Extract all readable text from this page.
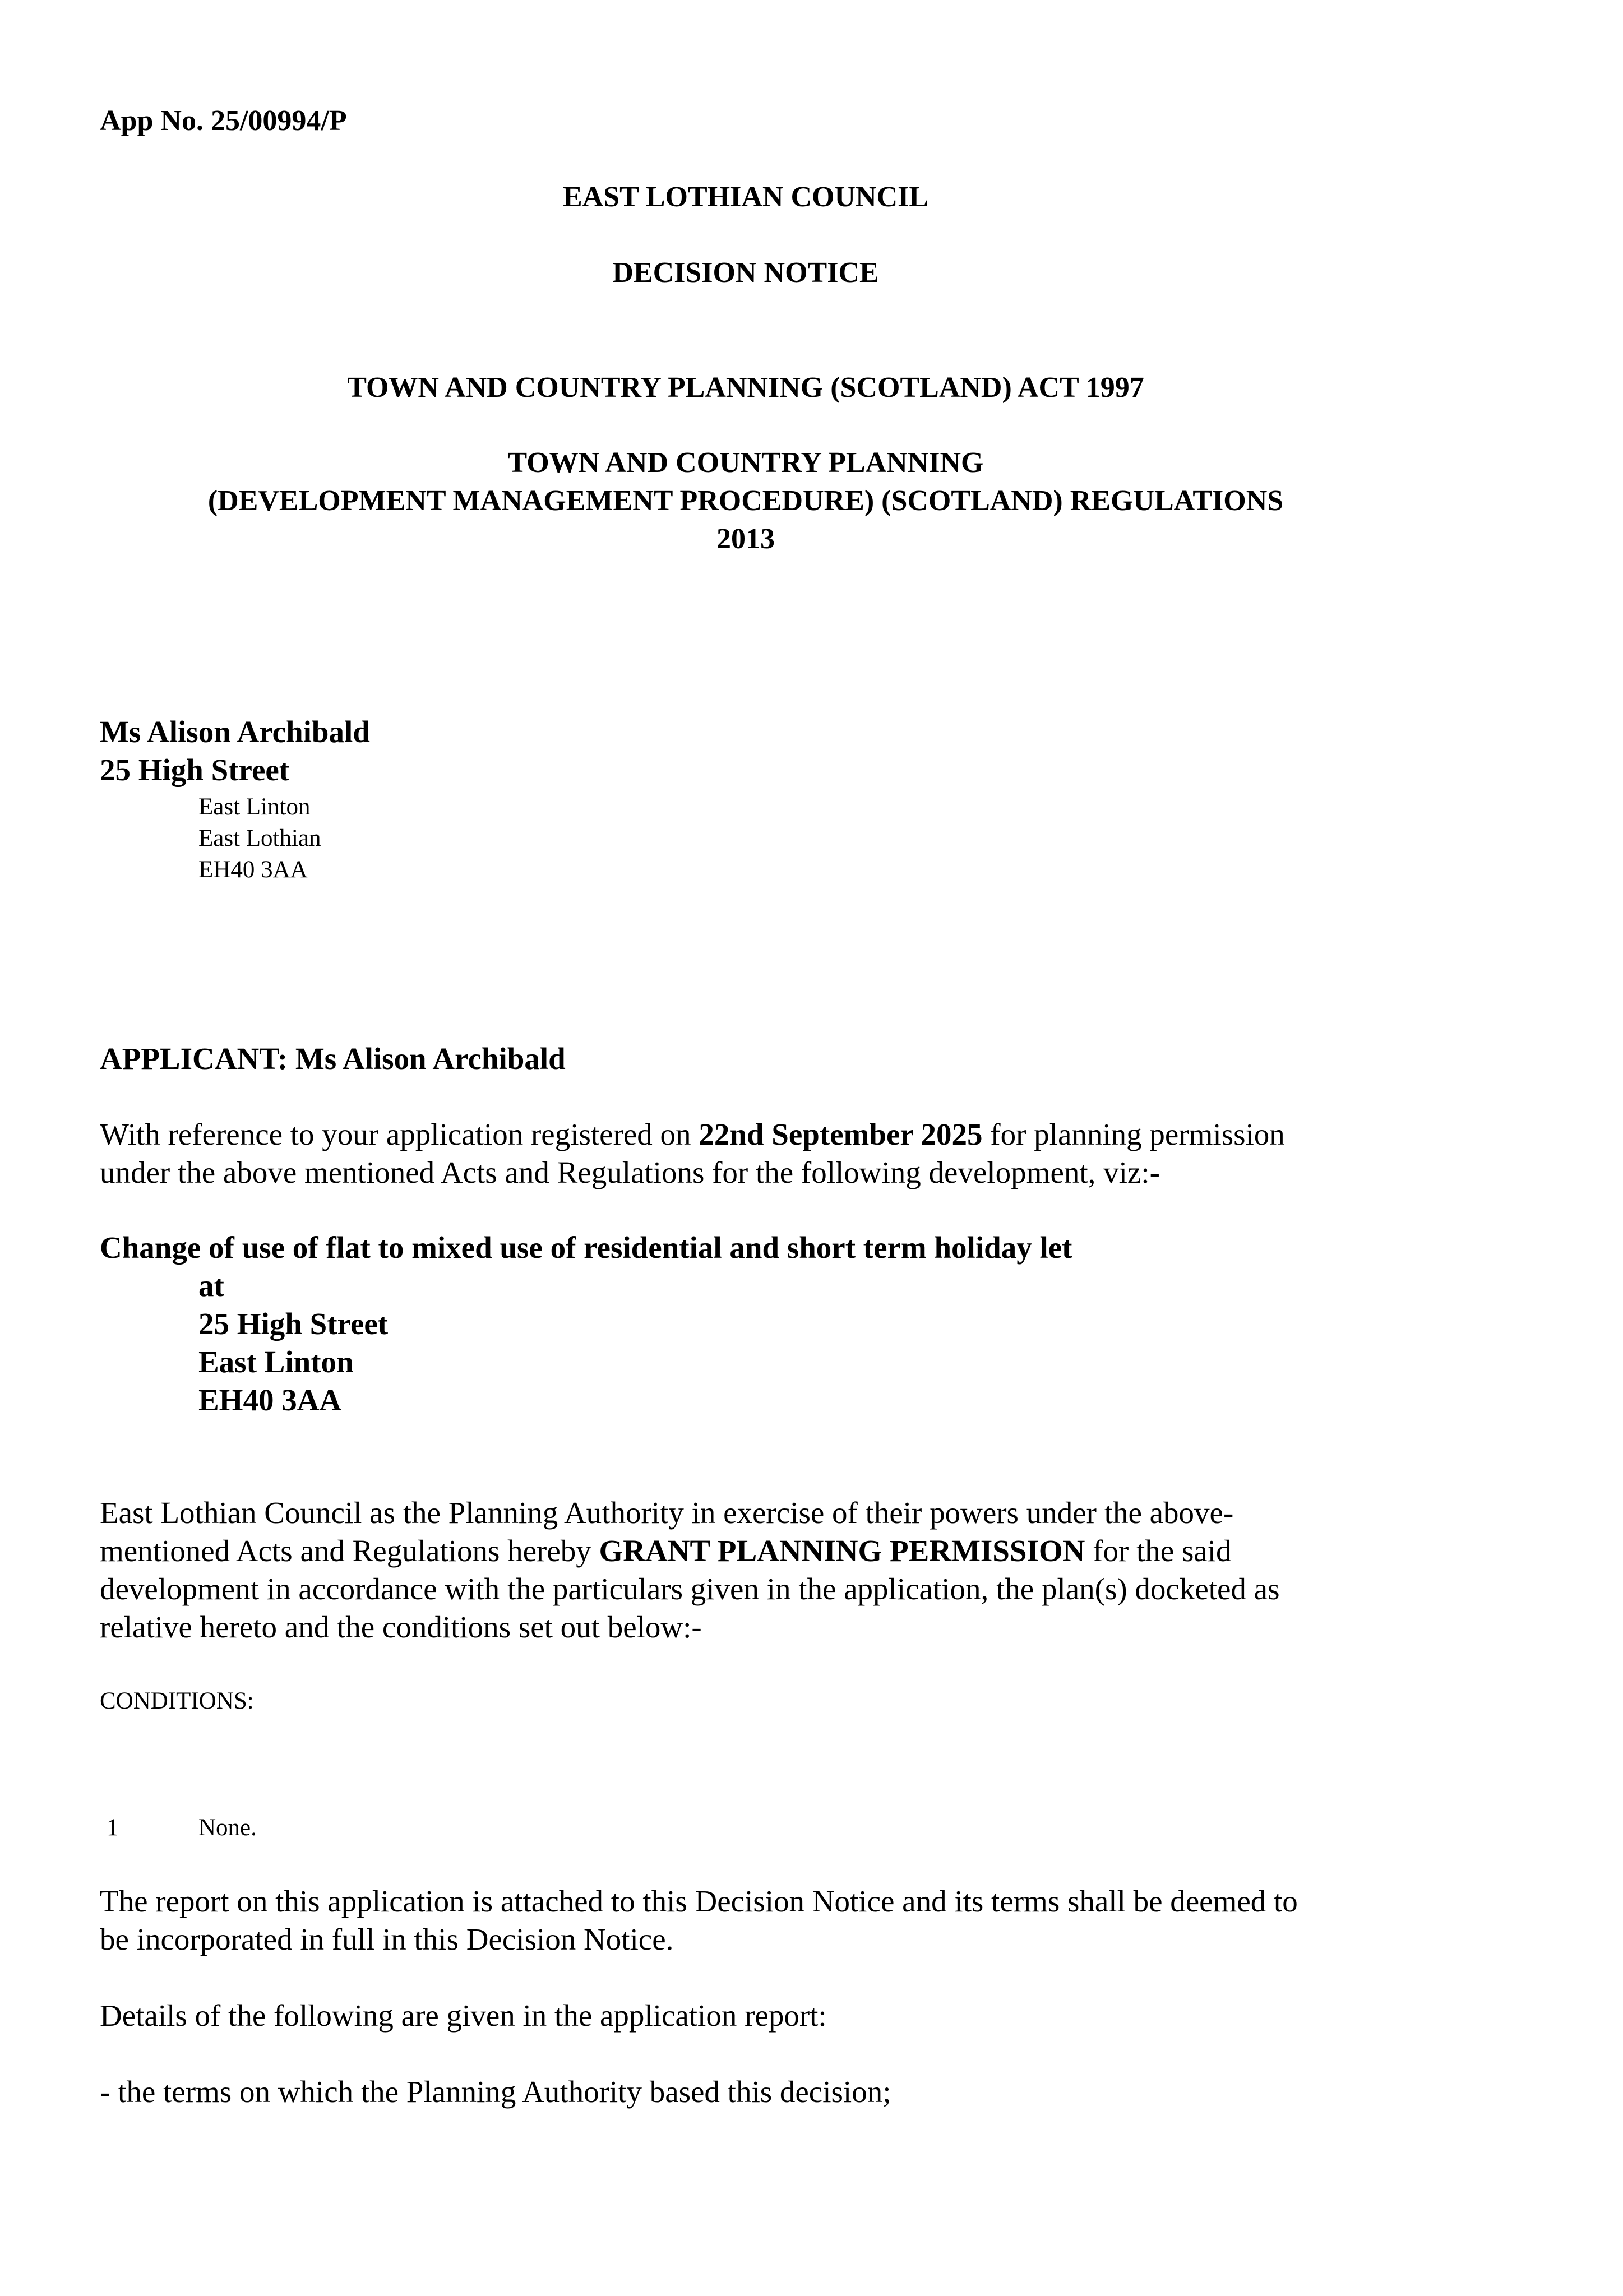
App No. 25/00994/P

EAST LOTHIAN COUNCIL

DECISION NOTICE

TOWN AND COUNTRY PLANNING (SCOTLAND) ACT 1997

TOWN AND COUNTRY PLANNING

(DEVELOPMENT MANAGEMENT PROCEDURE) (SCOTLAND) REGULATIONS

2013

Ms Alison Archibald

25 High Street

East Linton

East Lothian

EH40 3AA

APPLICANT: Ms Alison Archibald

With reference to your application registered on 22nd September 2025 for planning permission

under the above mentioned Acts and Regulations for the following development, viz:-

Change of use of flat to mixed use of residential and short term holiday let

at

25 High Street

East Linton

EH40 3AA

East Lothian Council as the Planning Authority in exercise of their powers under the above-

mentioned Acts and Regulations hereby GRANT PLANNING PERMISSION for the said

development in accordance with the particulars given in the application, the plan(s) docketed as

relative hereto and the conditions set out below:-

CONDITIONS:

1	None.

The report on this application is attached to this Decision Notice and its terms shall be deemed to

be incorporated in full in this Decision Notice.

Details of the following are given in the application report:

- the terms on which the Planning Authority based this decision;
